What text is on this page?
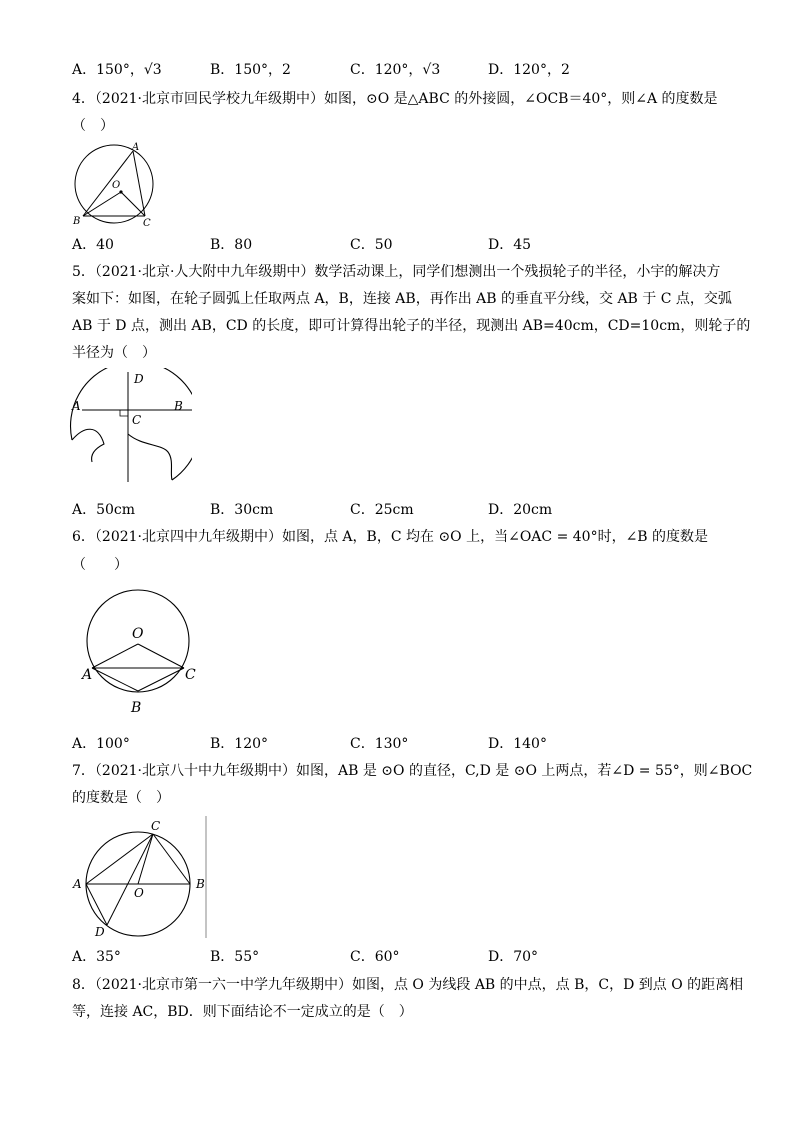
A．150°，√3	B．150°，2	C．120°，√3	D．120°，2
4．（2021·北京市回民学校九年级期中）如图，⊙O 是△ABC 的外接圆，∠OCB＝40°，则∠A 的度数是
（　）
A
O
B	C
A．40	B．80	C．50	D．45
5．（2021·北京·人大附中九年级期中）数学活动课上，同学们想测出一个残损轮子的半径，小宇的解决方
案如下：如图，在轮子圆弧上任取两点 A，B，连接 AB，再作出 AB 的垂直平分线，交 AB 于 C 点，交弧
AB 于 D 点，测出 AB，CD 的长度，即可计算得出轮子的半径，现测出 AB=40cm，CD=10cm，则轮子的
半径为（　）
D
A	B
C
A．50cm	B．30cm	C．25cm	D．20cm
6．（2021·北京四中九年级期中）如图，点 A，B，C 均在 ⊙O 上，当∠OAC = 40°时，∠B 的度数是
（　　）
O
A	C
B
A．100°	B．120°	C．130°	D．140°
7．（2021·北京八十中九年级期中）如图，AB 是 ⊙O 的直径，C,D 是 ⊙O 上两点，若∠D = 55°，则∠BOC
的度数是（　）
C
A
O
B
D
A．35°	B．55°	C．60°	D．70°
8．（2021·北京市第一六一中学九年级期中）如图，点 O 为线段 AB 的中点，点 B，C，D 到点 O 的距离相
等，连接 AC，BD．则下面结论不一定成立的是（　）
